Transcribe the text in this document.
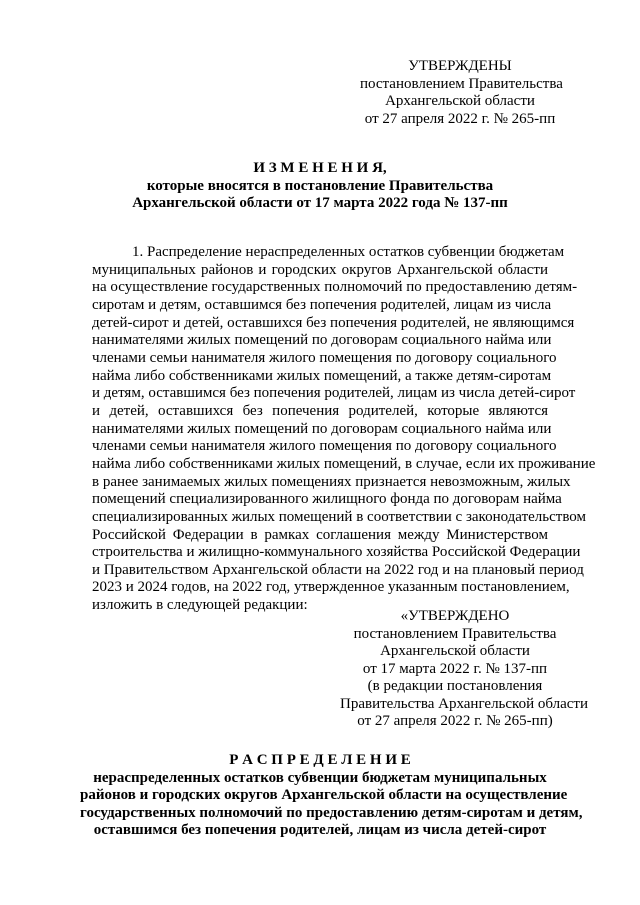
УТВЕРЖДЕНЫ
постановлением Правительства
Архангельской области
от 27 апреля 2022 г. № 265-пп
И З М Е Н Е Н И Я,
которые вносятся в постановление Правительства
Архангельской области от 17 марта 2022 года № 137-пп
1. Распределение нераспределенных остатков субвенции бюджетам
муниципальных районов и городских округов Архангельской области
на осуществление государственных полномочий по предоставлению детям-
сиротам и детям, оставшимся без попечения родителей, лицам из числа
детей-сирот и детей, оставшихся без попечения родителей, не являющимся
нанимателями жилых помещений по договорам социального найма или
членами семьи нанимателя жилого помещения по договору социального
найма либо собственниками жилых помещений, а также детям-сиротам
и детям, оставшимся без попечения родителей, лицам из числа детей-сирот
и детей, оставшихся без попечения родителей, которые являются
нанимателями жилых помещений по договорам социального найма или
членами семьи нанимателя жилого помещения по договору социального
найма либо собственниками жилых помещений, в случае, если их проживание
в ранее занимаемых жилых помещениях признается невозможным, жилых
помещений специализированного жилищного фонда по договорам найма
специализированных жилых помещений в соответствии с законодательством
Российской Федерации в рамках соглашения между Министерством
строительства и жилищно-коммунального хозяйства Российской Федерации
и Правительством Архангельской области на 2022 год и на плановый период
2023 и 2024 годов, на 2022 год, утвержденное указанным постановлением,
изложить в следующей редакции:
«УТВЕРЖДЕНО
постановлением Правительства
Архангельской области
от 17 марта 2022 г. № 137-пп
(в редакции постановления
Правительства Архангельской области
от 27 апреля 2022 г. № 265-пп)
Р А С П Р Е Д Е Л Е Н И Е
нераспределенных остатков субвенции бюджетам муниципальных
районов и городских округов Архангельской области на осуществление
государственных полномочий по предоставлению детям-сиротам и детям,
оставшимся без попечения родителей, лицам из числа детей-сирот
